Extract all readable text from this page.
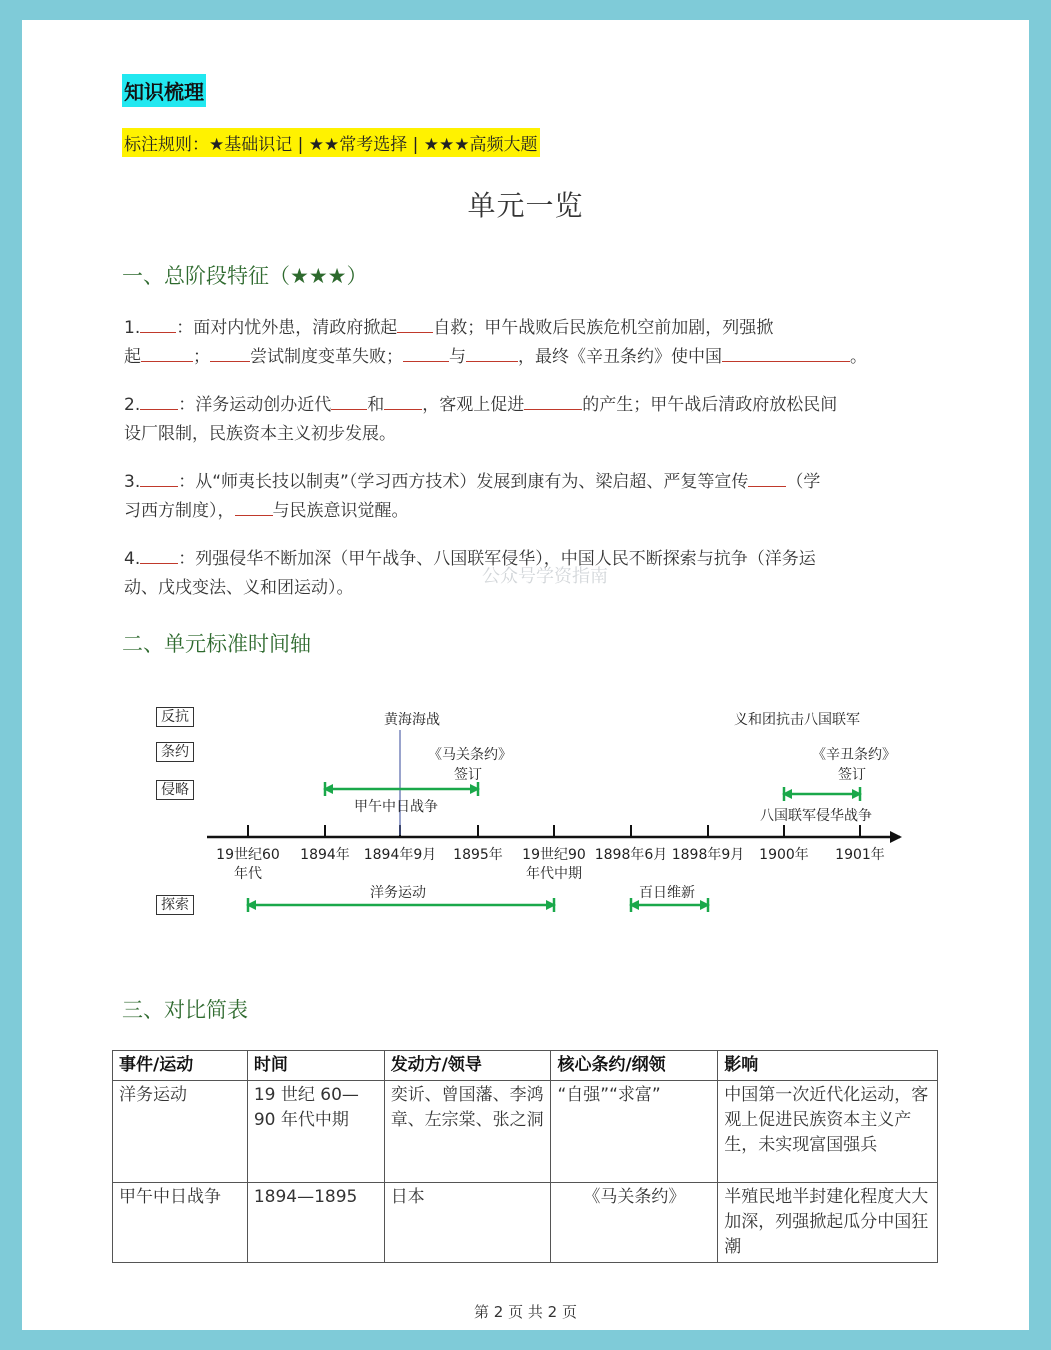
知识梳理
标注规则：★基础识记 | ★★常考选择 | ★★★高频大题
单元一览
一、总阶段特征（★★★）
1. ：面对内忧外患，清政府掀起 自救；甲午战败后民族危机空前加剧，列强掀
起	； 尝试制度变革失败；	与	，最终《辛丑条约》使中国	。
2. ：洋务运动创办近代 和 ，客观上促进	的产生；甲午战后清政府放松民间
设厂限制，民族资本主义初步发展。
3. ：从“师夷长技以制夷”（学习西方技术）发展到康有为、梁启超、严复等宣传 （学
习西方制度）， 与民族意识觉醒。
4. ：列强侵华不断加深（甲午战争、八国联军侵华），中国人民不断探索与抗争（洋务运
动、戊戌变法、义和团运动）。
公众号学资指南
二、单元标准时间轴
反抗
条约
侵略
探索
黄海海战	义和团抗击八国联军
《马关条约》
签订
《辛丑条约》
签订
甲午中日战争
八国联军侵华战争
洋务运动	百日维新
19世纪60
年代
1894年 1894年9月	1895年	19世纪90
年代中期
1898年6月 1898年9月	1900年	1901年
三、对比简表
事件/运动	时间	发动方/领导	核心条约/纲领	影响
洋务运动	19 世纪 60—90 年代中期	奕䜣、曾国藩、李鸿章、左宗棠、张之洞	“自强”“求富”	中国第一次近代化运动，客观上促进民族资本主义产生，未实现富国强兵
甲午中日战争	1894—1895	日本	《马关条约》	半殖民地半封建化程度大大加深，列强掀起瓜分中国狂潮
第 2 页 共 2 页
